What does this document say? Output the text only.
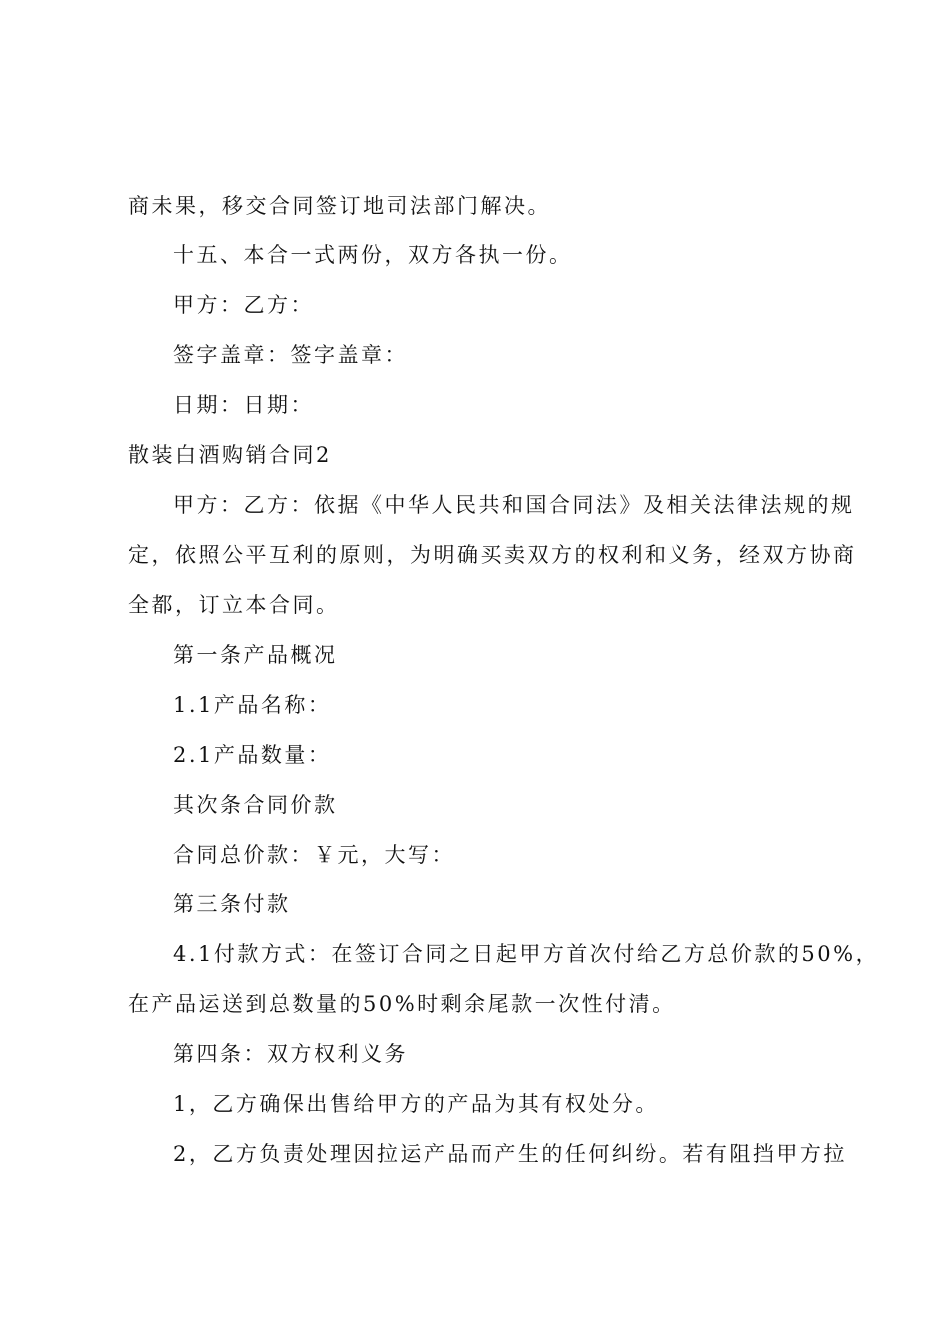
商未果，移交合同签订地司法部门解决。
十五、本合一式两份，双方各执一份。
甲方：乙方：
签字盖章：签字盖章：
日期：日期：
散装白酒购销合同2
甲方：乙方：依据《中华人民共和国合同法》及相关法律法规的规
定，依照公平互利的原则，为明确买卖双方的权利和义务，经双方协商
全都，订立本合同。
第一条产品概况
1.1产品名称：
2.1产品数量：
其次条合同价款
合同总价款：￥元，大写：
第三条付款
4.1付款方式：在签订合同之日起甲方首次付给乙方总价款的50%，
在产品运送到总数量的50%时剩余尾款一次性付清。
第四条：双方权利义务
1，乙方确保出售给甲方的产品为其有权处分。
2，乙方负责处理因拉运产品而产生的任何纠纷。若有阻挡甲方拉
